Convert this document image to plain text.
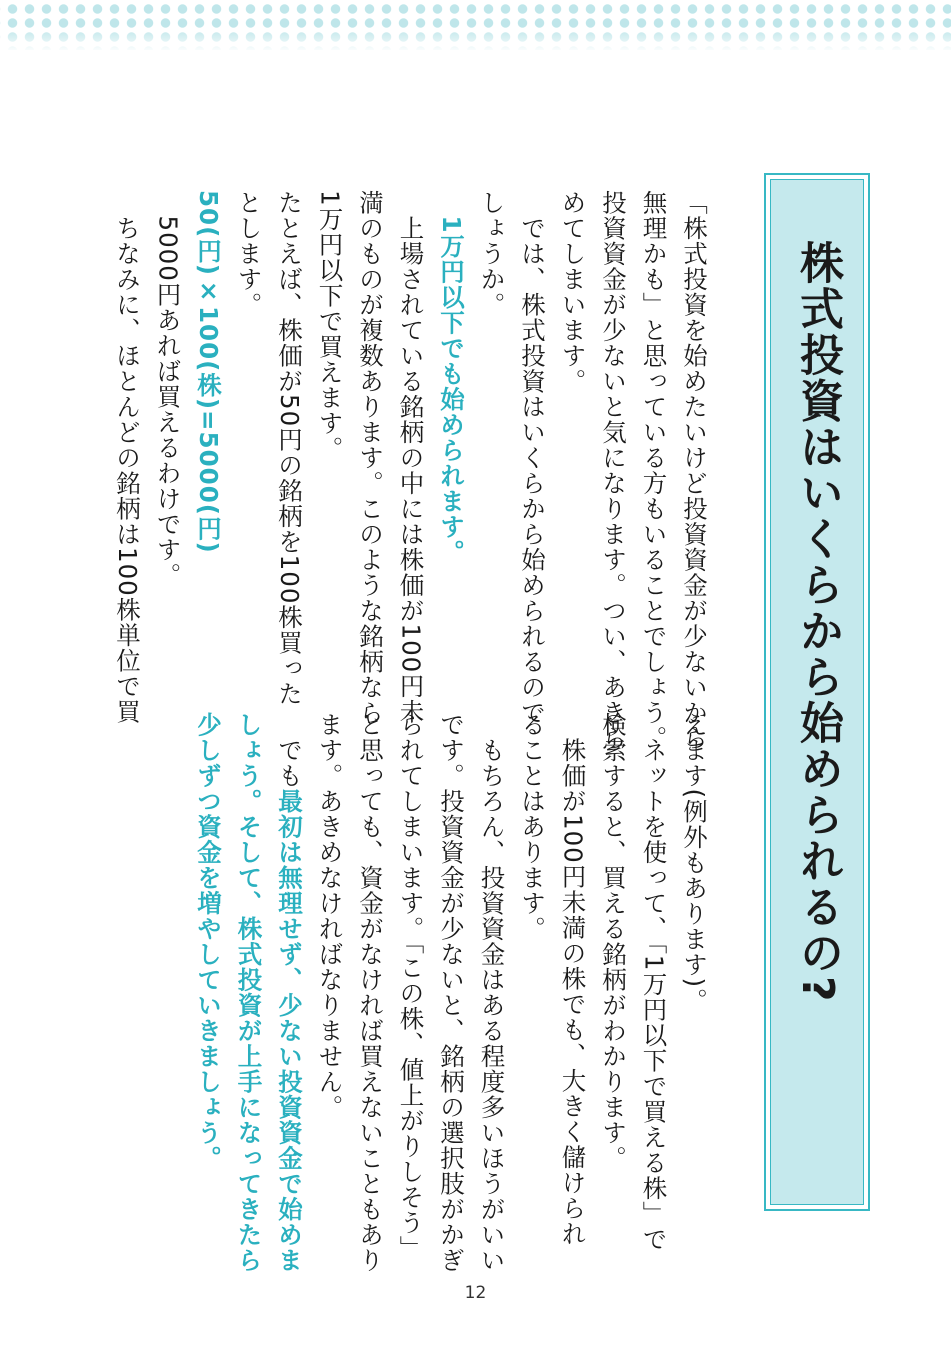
株式投資はいくらから始められるの?
「株式投資を始めたいけど投資資金が少ないから
無理かも」と思っている方もいることでしょう。
投資資金が少ないと気になります。つい、あきら
めてしまいます。
　では、株式投資はいくらから始められるので
しょうか。
　1万円以下でも始められます。
　上場されている銘柄の中には株価が100円未
満のものが複数あります。このような銘柄なら
1万円以下で買えます。
たとえば、株価が50円の銘柄を100株買った
とします。
50(円)×100(株)=5000(円)
　5000円あれば買えるわけです。
　ちなみに、ほとんどの銘柄は100株単位で買
えます(例外もあります)。
　ネットを使って、「1万円以下で買える株」で
検索すると、買える銘柄がわかります。
　株価が100円未満の株でも、大きく儲けられ
ることはあります。
　もちろん、投資資金はある程度多いほうがいい
です。投資資金が少ないと、銘柄の選択肢がかぎ
られてしまいます。「この株、値上がりしそう」
と思っても、資金がなければ買えないこともあり
ます。あきめなければなりません。
　でも最初は無理せず、少ない投資資金で始めま
しょう。そして、株式投資が上手になってきたら
少しずつ資金を増やしていきましょう。
12
